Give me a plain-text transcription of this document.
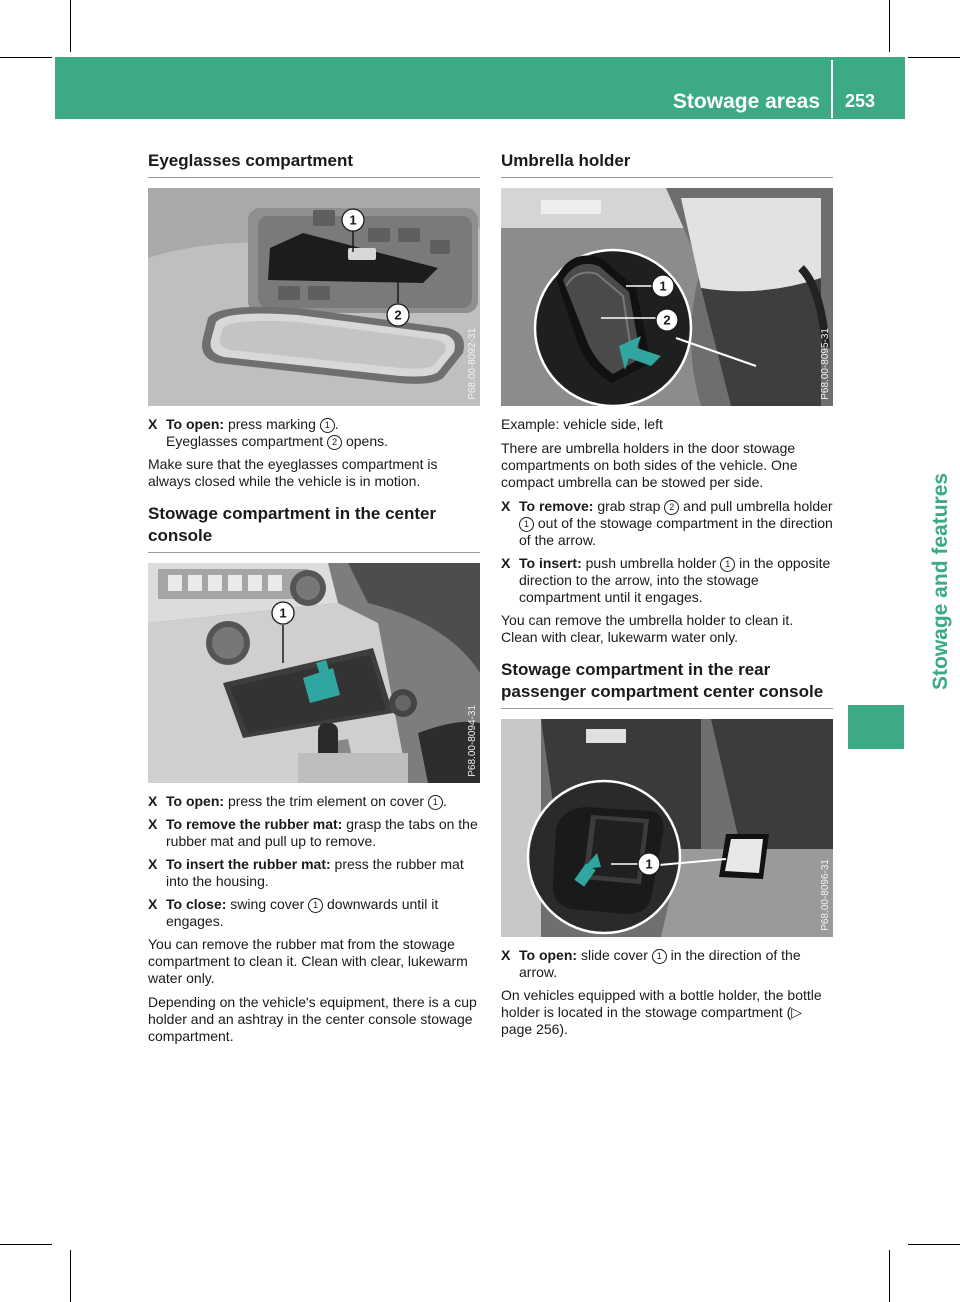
Stowage areas 253
Stowage and features
Eyeglasses compartment
1
2
P68.00-8092-31
X To open: press marking 1 .
Eyeglasses compartment 2 opens.

Make sure that the eyeglasses compartment is always closed while the vehicle is in motion.

Stowage compartment in the center console
1
P68.00-8094-31
X To open: press the trim element on cover 1 .
X To remove the rubber mat: grasp the tabs on the rubber mat and pull up to remove.
X To insert the rubber mat: press the rubber mat into the housing.
X To close: swing cover 1 downwards until it engages.

You can remove the rubber mat from the stowage compartment to clean it. Clean with clear, lukewarm water only.

Depending on the vehicle's equipment, there is a cup holder and an ashtray in the center console stowage compartment.

Umbrella holder
1
2
P68.00-8095-31

Example: vehicle side, left

There are umbrella holders in the door stowage compartments on both sides of the vehicle. One compact umbrella can be stowed per side.

X To remove: grab strap 2 and pull umbrella holder 1 out of the stowage compartment in the direction of the arrow.
X To insert: push umbrella holder 1 in the opposite direction to the arrow, into the stowage compartment until it engages.

You can remove the umbrella holder to clean it. Clean with clear, lukewarm water only.

Stowage compartment in the rear passenger compartment center console
1	P68.00-8096-31
X To open: slide cover 1 in the direction of the arrow.

On vehicles equipped with a bottle holder, the bottle holder is located in the stowage compartment (▷ page 256).
